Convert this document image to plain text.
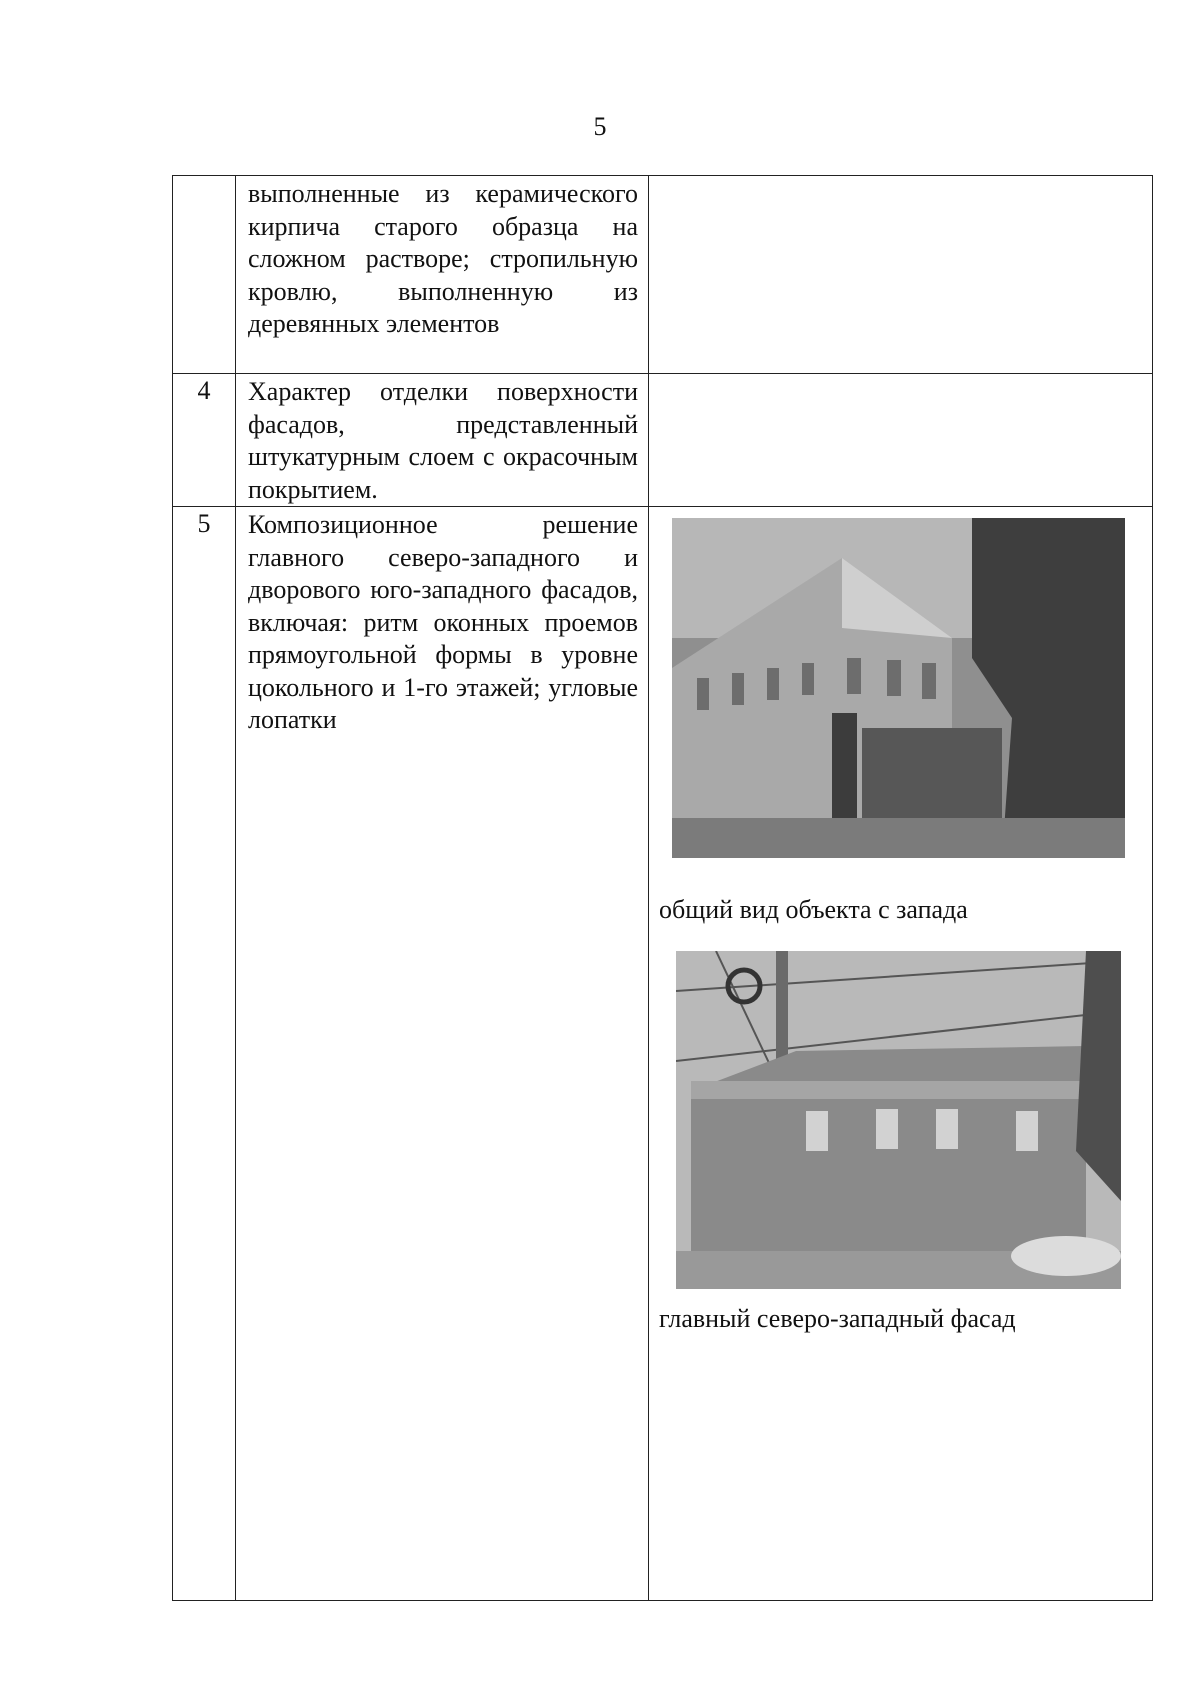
5

	выполненные из керамического кирпича старого образца на сложном растворе; стропильную кровлю, выполненную из деревянных элементов	

4	Характер отделки поверхности фасадов, представленный штукатурным слоем с окрасочным покрытием.	

5	Композиционное решение главного северо-западного и дворового юго-западного фасадов, включая: ритм оконных проемов прямоугольной формы в уровне цокольного и 1-го этажей; угловые лопатки	общий вид объекта с запада
главный северо-западный фасад
